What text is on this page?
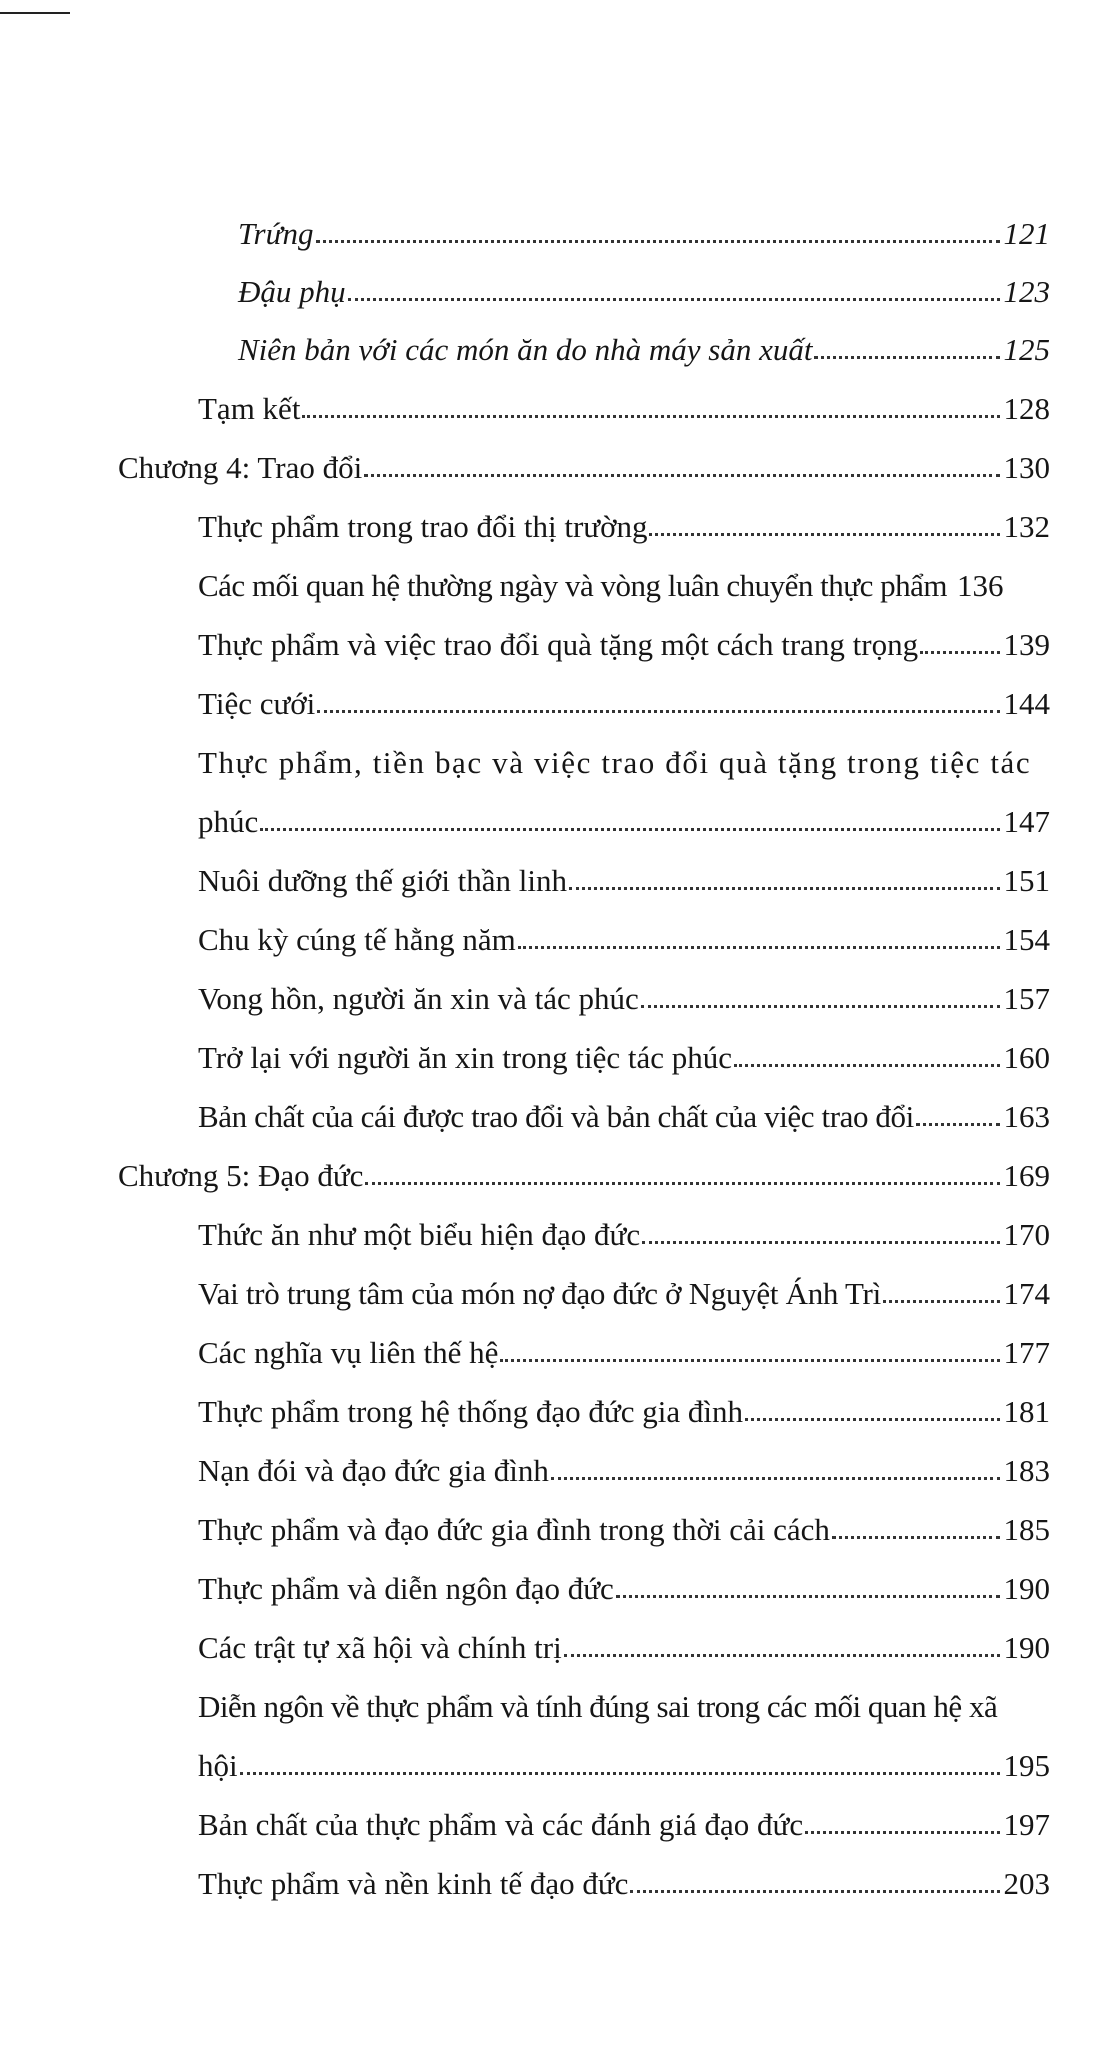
Trứng	121
Đậu phụ	123
Niên bản với các món ăn do nhà máy sản xuất	125
Tạm kết	128
Chương 4: Trao đổi	130
Thực phẩm trong trao đổi thị trường	132
Các mối quan hệ thường ngày và vòng luân chuyển thực phẩm 136
Thực phẩm và việc trao đổi quà tặng một cách trang trọng	139
Tiệc cưới	144
Thực phẩm, tiền bạc và việc trao đổi quà tặng trong tiệc tác
phúc	147
Nuôi dưỡng thế giới thần linh	151
Chu kỳ cúng tế hằng năm	154
Vong hồn, người ăn xin và tác phúc	157
Trở lại với người ăn xin trong tiệc tác phúc	160
Bản chất của cái được trao đổi và bản chất của việc trao đổi	163
Chương 5: Đạo đức	169
Thức ăn như một biểu hiện đạo đức	170
Vai trò trung tâm của món nợ đạo đức ở Nguyệt Ánh Trì	174
Các nghĩa vụ liên thế hệ	177
Thực phẩm trong hệ thống đạo đức gia đình	181
Nạn đói và đạo đức gia đình	183
Thực phẩm và đạo đức gia đình trong thời cải cách	185
Thực phẩm và diễn ngôn đạo đức	190
Các trật tự xã hội và chính trị	190
Diễn ngôn về thực phẩm và tính đúng sai trong các mối quan hệ xã
hội	195
Bản chất của thực phẩm và các đánh giá đạo đức	197
Thực phẩm và nền kinh tế đạo đức	203
